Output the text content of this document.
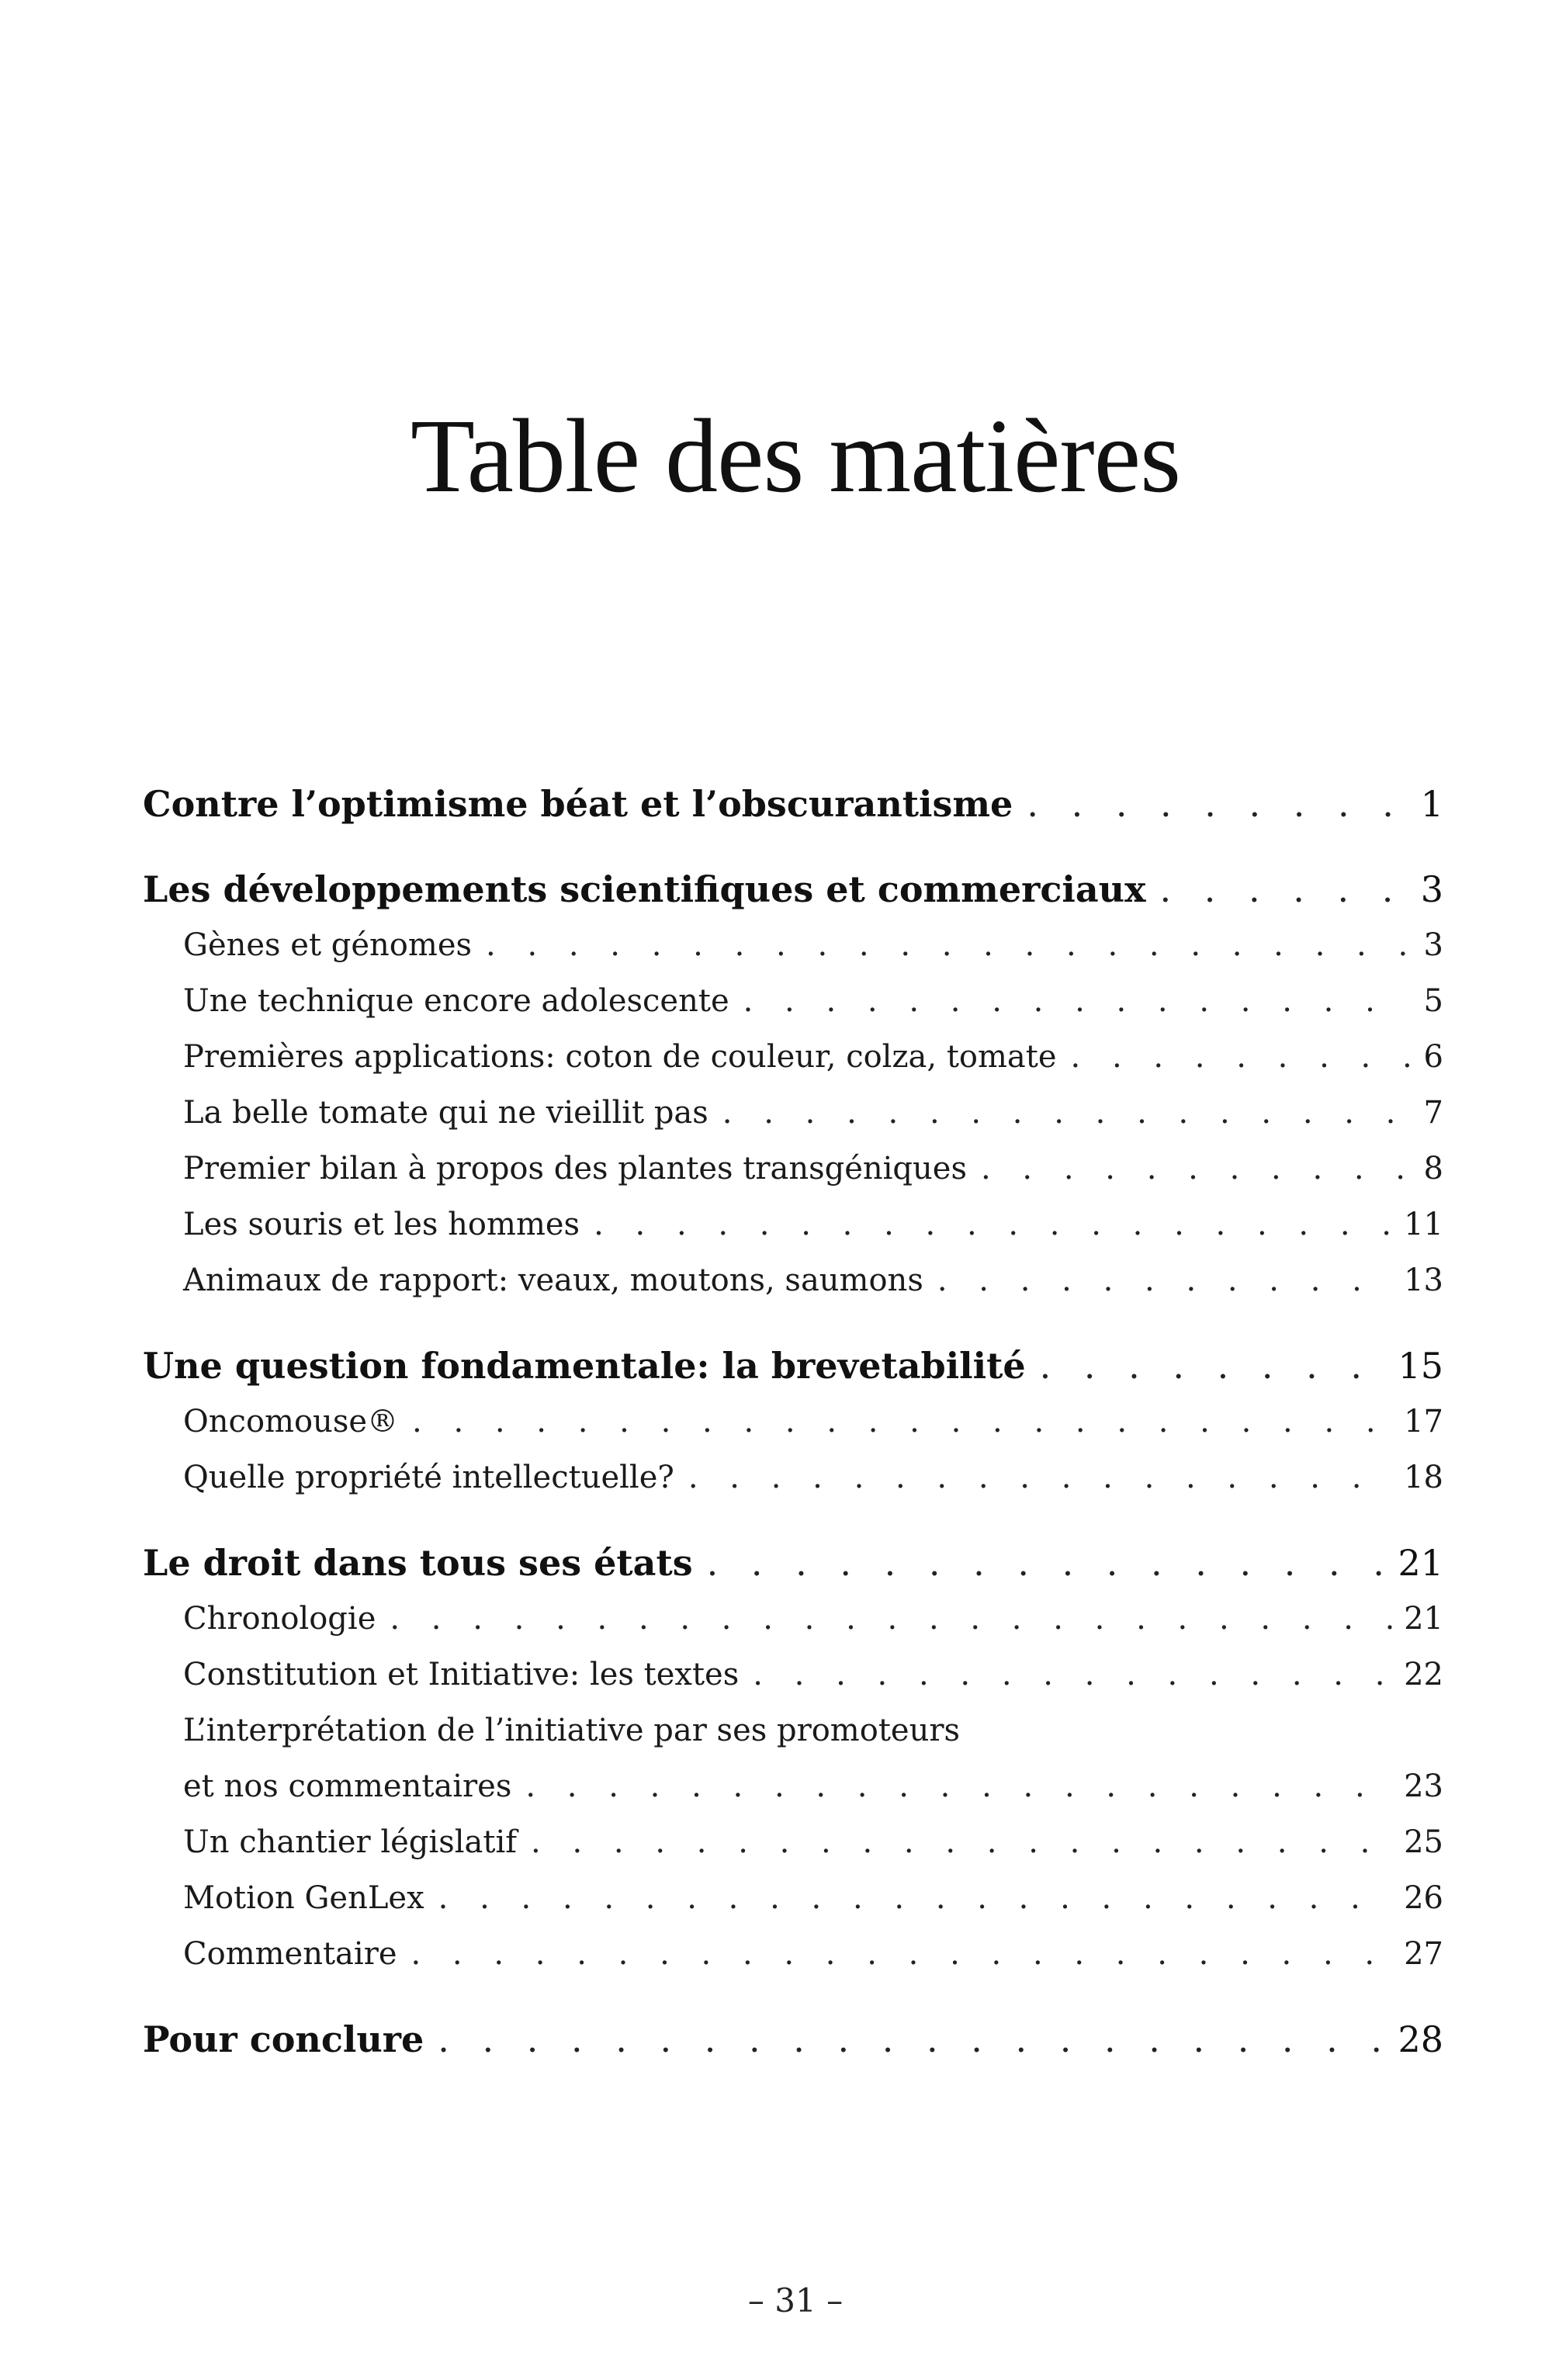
Table des matières
Contre l’optimisme béat et l’obscurantisme . . .	1
Les développements scientifiques et commerciaux . . .	3
Gènes et génomes . . .	3
Une technique encore adolescente . . .	5
Premières applications: coton de couleur, colza, tomate . . .	6
La belle tomate qui ne vieillit pas . . .	7
Premier bilan à propos des plantes transgéniques . . .	8
Les souris et les hommes . . .	11
Animaux de rapport: veaux, moutons, saumons . . .	13
Une question fondamentale: la brevetabilité . . .	15
Oncomouse® . . .	17
Quelle propriété intellectuelle? . . .	18
Le droit dans tous ses états . . .	21
Chronologie . . .	21
Constitution et Initiative: les textes . . .	22
L’interprétation de l’initiative par ses promoteurs
et nos commentaires . . .	23
Un chantier législatif . . .	25
Motion GenLex . . .	26
Commentaire . . .	27
Pour conclure . . .	28
– 31 –
